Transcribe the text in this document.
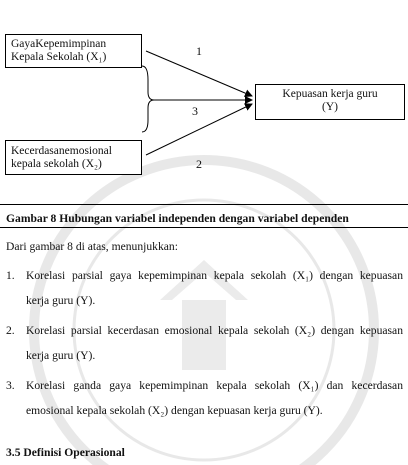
GayaKepemimpinan
Kepala Sekolah (X₁)
Kecerdasanemosional
kepala sekolah (X₂)
Kepuasan kerja guru
(Y)
1
3
2
Gambar 8 Hubungan variabel independen dengan variabel dependen
Dari gambar 8 di atas, menunjukkan:
1. Korelasi parsial gaya kepemimpinan kepala sekolah (X₁) dengan kepuasan
kerja guru (Y).
2. Korelasi parsial kecerdasan emosional kepala sekolah (X₂) dengan kepuasan
kerja guru (Y).
3. Korelasi ganda gaya kepemimpinan kepala sekolah (X₁) dan kecerdasan
emosional kepala sekolah (X₂) dengan kepuasan kerja guru (Y).
3.5 Definisi Operasional
